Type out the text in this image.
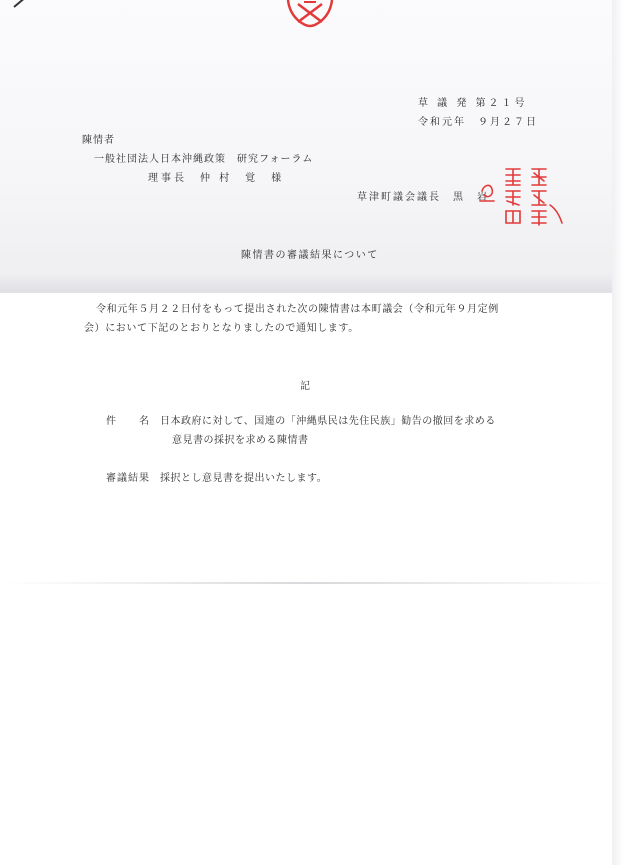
草 議 発 第２１号
令和元年　９月２７日
陳情者
一般社団法人日本沖縄政策　研究フォーラム
理事長　仲 村　覚　様
草津町議会議長　黒　岩
陳情書の審議結果について
令和元年５月２２日付をもって提出された次の陳情書は本町議会（令和元年９月定例
会）において下記のとおりとなりましたので通知します。
記
件　　名 日本政府に対して、国連の「沖縄県民は先住民族」勧告の撤回を求める
意見書の採択を求める陳情書
審議結果 採択とし意見書を提出いたします。
